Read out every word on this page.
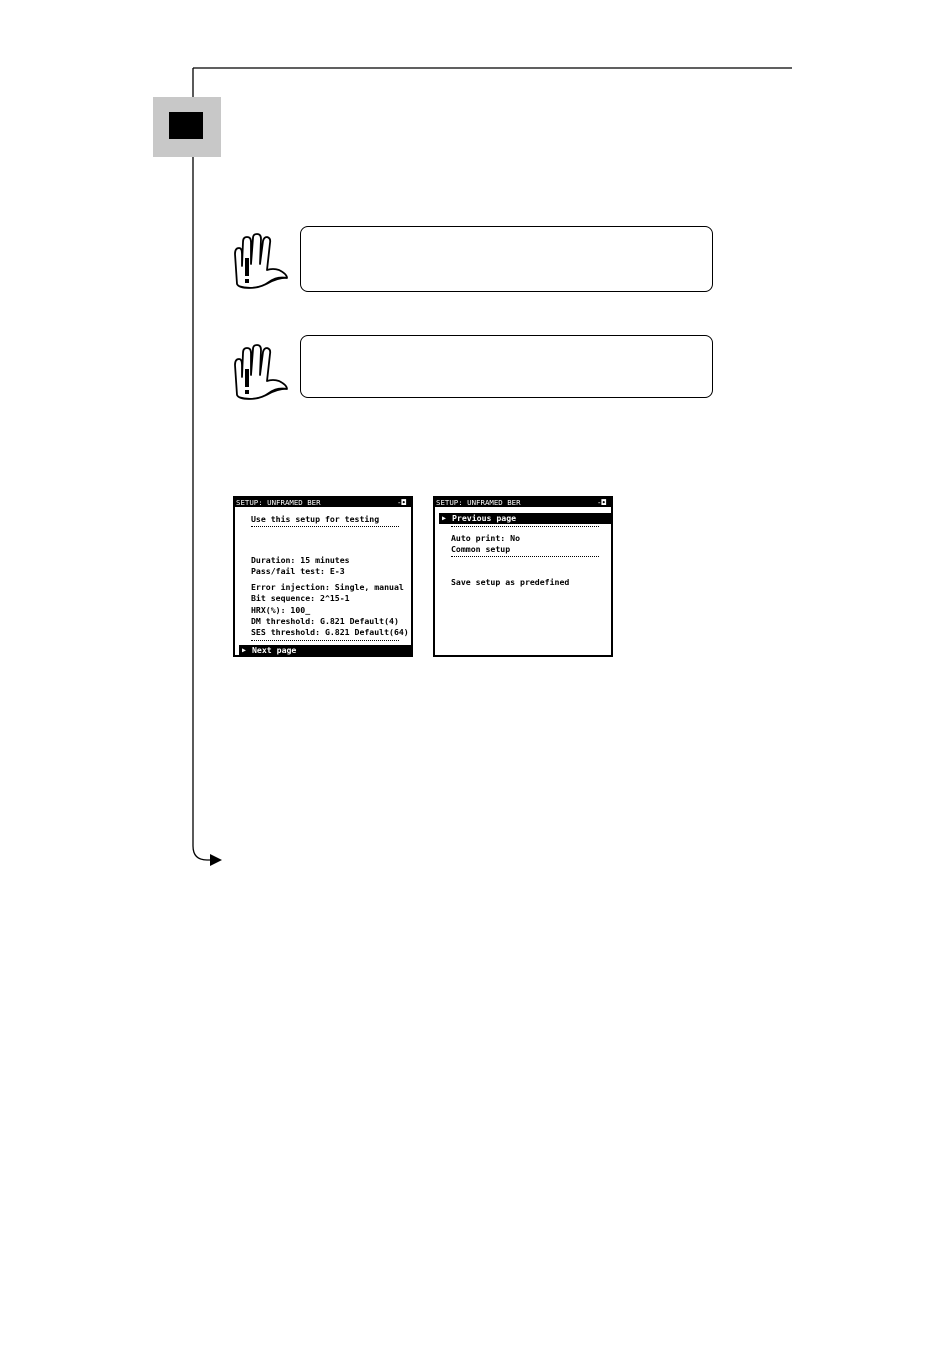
SETUP: UNFRAMED BER	-◘
Use this setup for testing
Duration: 15 minutes
Pass/fail test: E-3
Error injection: Single, manual
Bit sequence: 2^15-1
HRX(%): 100_
DM threshold: G.821 Default(4)
SES threshold: G.821 Default(64)
▶ Next page
SETUP: UNFRAMED BER	-◘
▶ Previous page
Auto print: No
Common setup
Save setup as predefined
